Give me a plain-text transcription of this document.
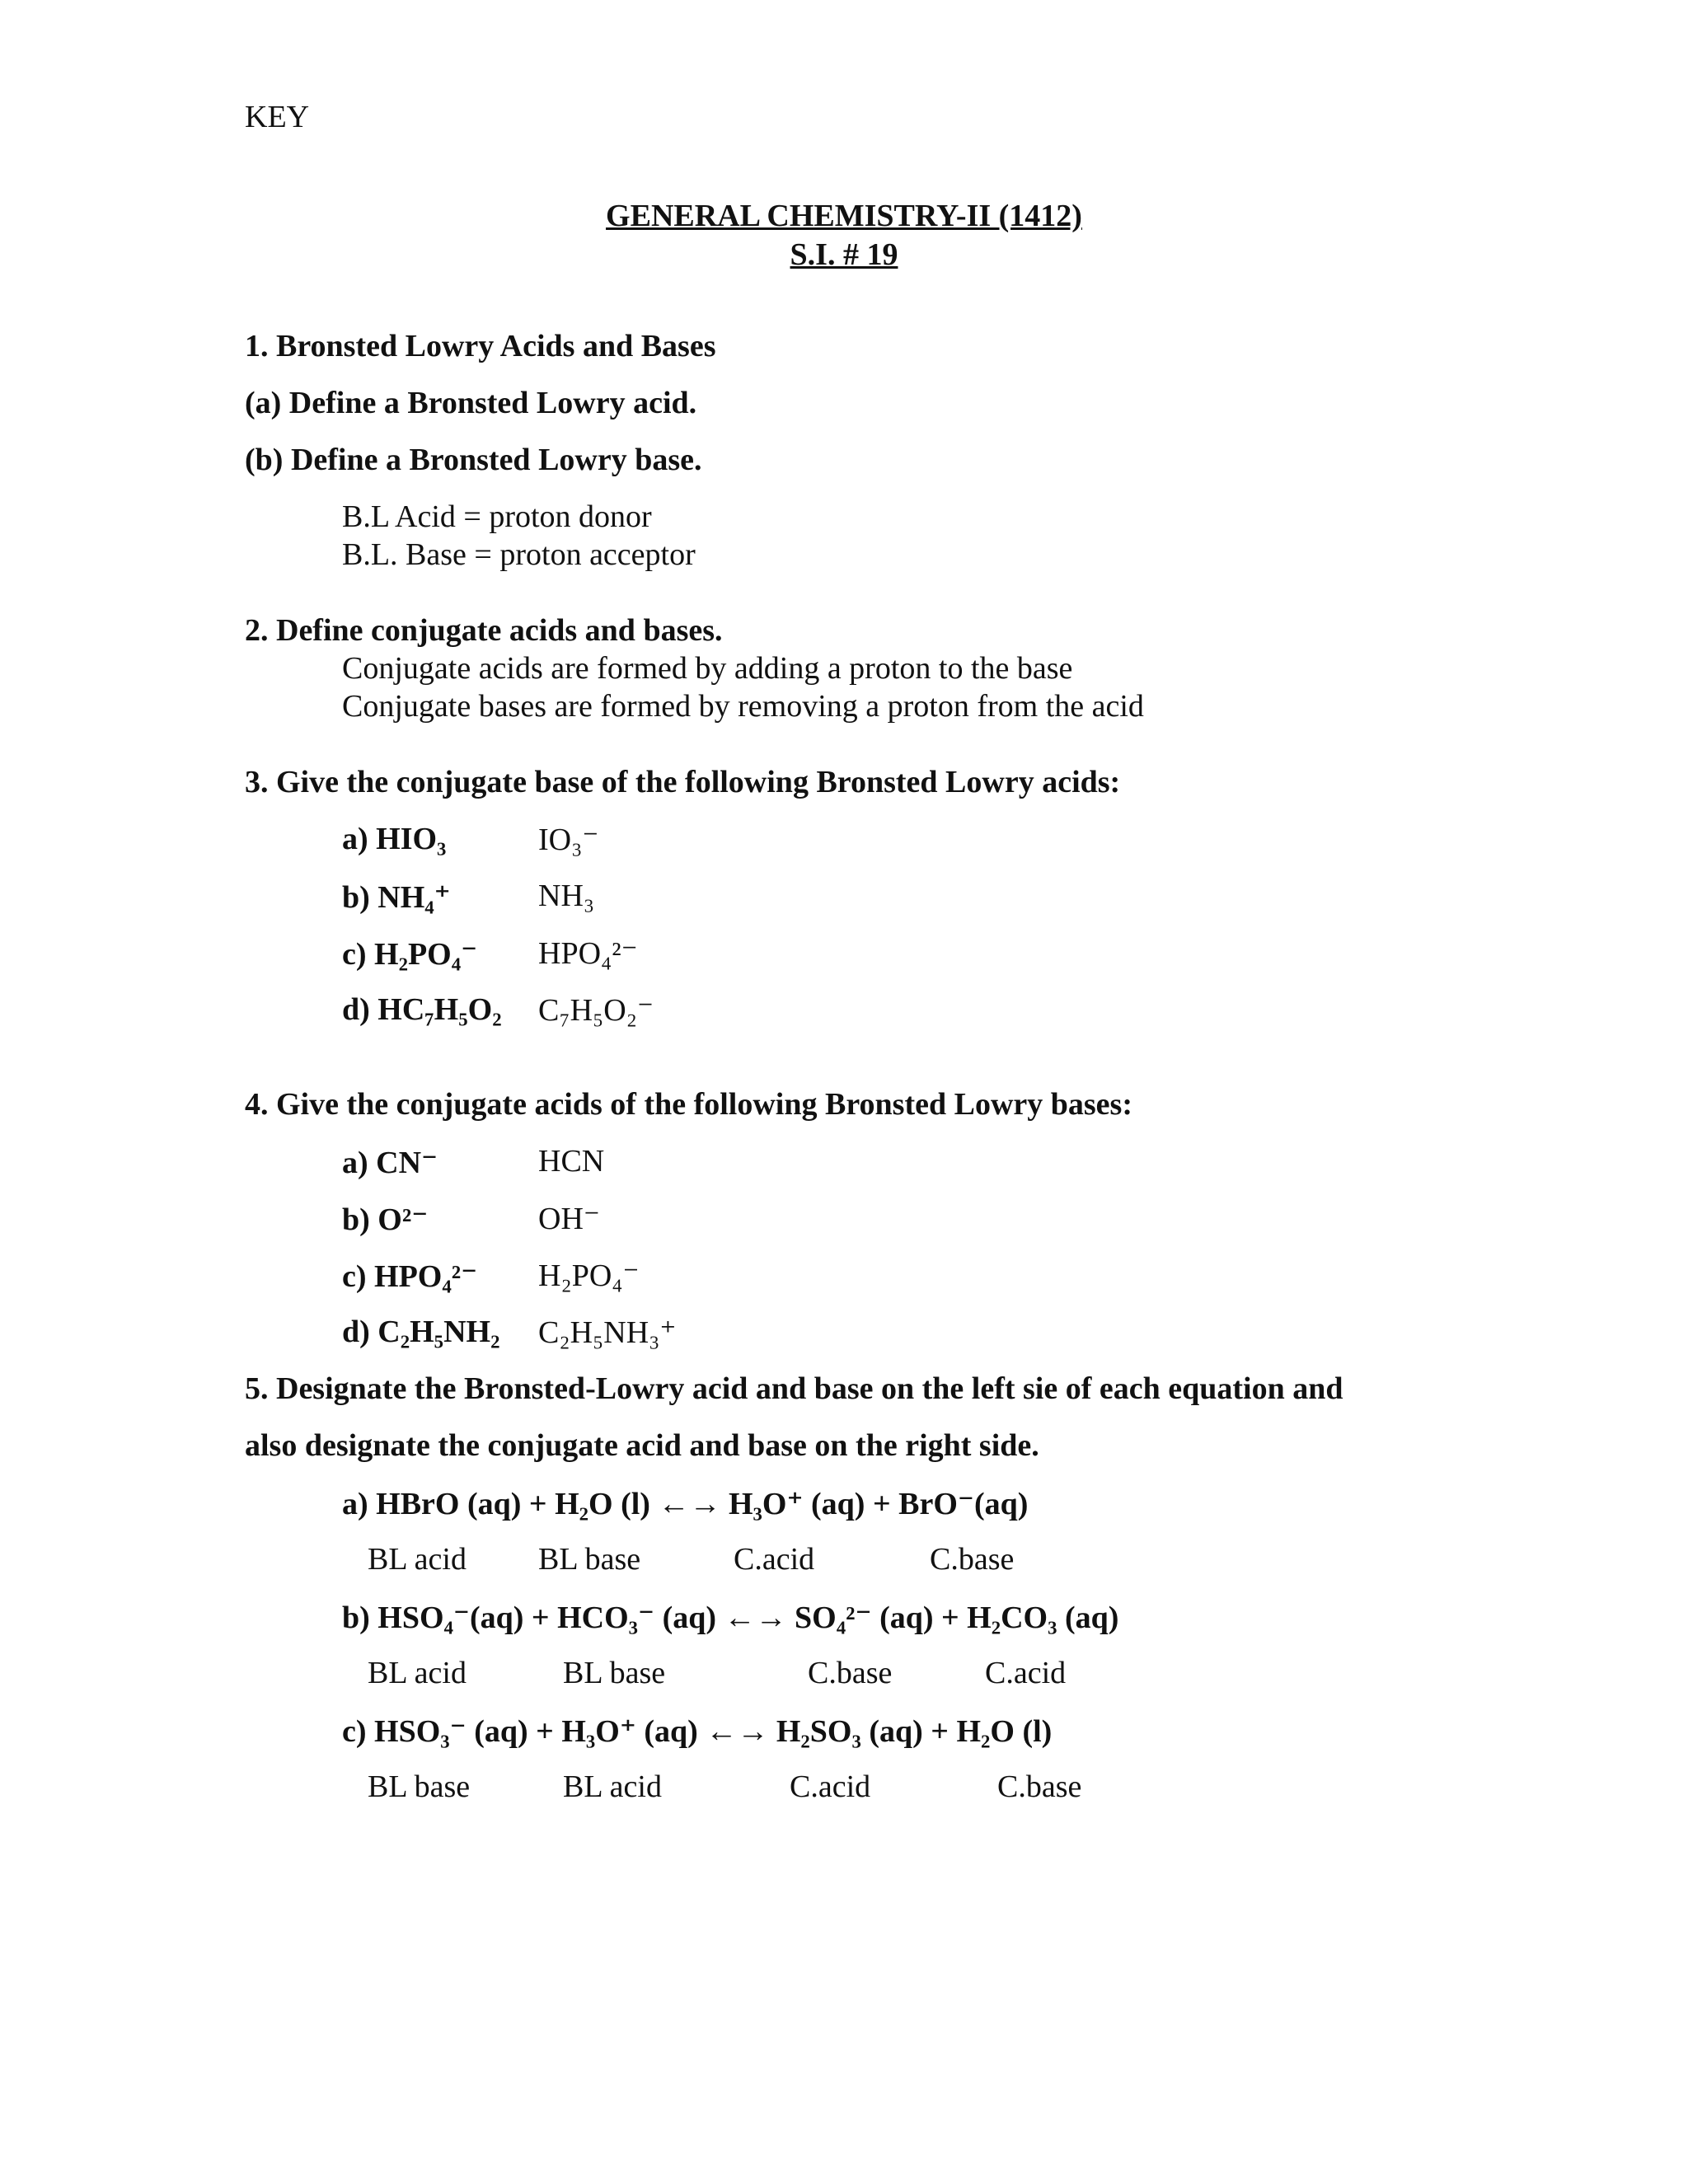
KEY
GENERAL CHEMISTRY-II (1412)
S.I. # 19
1. Bronsted Lowry Acids and Bases
(a) Define a Bronsted Lowry acid.
(b) Define a Bronsted Lowry base.
B.L Acid = proton donor
B.L. Base = proton acceptor
2. Define conjugate acids and bases.
Conjugate acids are formed by adding a proton to the base
Conjugate bases are formed by removing a proton from the acid
3. Give the conjugate base of the following Bronsted Lowry acids:
a) HIO₃	IO₃⁻
b) NH₄⁺	NH₃
c) H₂PO₄⁻ HPO₄²⁻
d) HC₇H₅O₂ C₇H₅O₂⁻
4. Give the conjugate acids of the following Bronsted Lowry bases:
a) CN⁻	HCN
b) O²⁻	OH⁻
c) HPO₄²⁻ H₂PO₄⁻
d) C₂H₅NH₂ C₂H₅NH₃⁺
5. Designate the Bronsted-Lowry acid and base on the left sie of each equation and
also designate the conjugate acid and base on the right side.
a) HBrO (aq) + H₂O (l) ←→ H₃O⁺ (aq) + BrO⁻(aq)
BL acid BL base	C.acid	C.base
b) HSO₄⁻(aq) + HCO₃⁻ (aq) ←→ SO₄²⁻ (aq) + H₂CO₃ (aq)
BL acid	BL base	C.base	C.acid
c) HSO₃⁻ (aq) + H₃O⁺ (aq) ←→ H₂SO₃ (aq) + H₂O (l)
BL base	BL acid	C.acid	C.base
